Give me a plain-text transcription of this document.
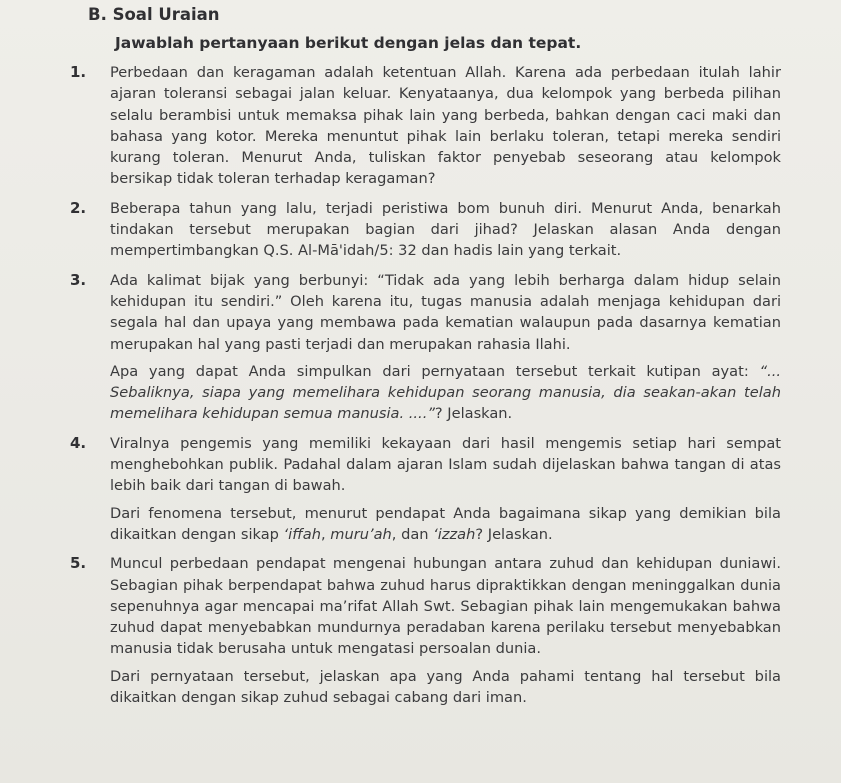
B. Soal Uraian
Jawablah pertanyaan berikut dengan jelas dan tepat.
1.	Perbedaan dan keragaman adalah ketentuan Allah. Karena ada perbedaan itulah lahir ajaran toleransi sebagai jalan keluar. Kenyataanya, dua kelompok yang berbeda pilihan selalu berambisi untuk memaksa pihak lain yang berbeda, bahkan dengan caci maki dan bahasa yang kotor. Mereka menuntut pihak lain berlaku toleran, tetapi mereka sendiri kurang toleran. Menurut Anda, tuliskan faktor penyebab seseorang atau kelompok bersikap tidak toleran terhadap keragaman?

2.	Beberapa tahun yang lalu, terjadi peristiwa bom bunuh diri. Menurut Anda, benarkah tindakan tersebut merupakan bagian dari jihad? Jelaskan alasan Anda dengan mempertimbangkan Q.S. Al-Mā'idah/5: 32 dan hadis lain yang terkait.

3.	Ada kalimat bijak yang berbunyi: “Tidak ada yang lebih berharga dalam hidup selain kehidupan itu sendiri.” Oleh karena itu, tugas manusia adalah menjaga kehidupan dari segala hal dan upaya yang membawa pada kematian walaupun pada dasarnya kematian merupakan hal yang pasti terjadi dan merupakan rahasia Ilahi.

Apa yang dapat Anda simpulkan dari pernyataan tersebut terkait kutipan ayat: “... Sebaliknya, siapa yang memelihara kehidupan seorang manusia, dia seakan-akan telah memelihara kehidupan semua manusia. ....”? Jelaskan.

4.	Viralnya pengemis yang memiliki kekayaan dari hasil mengemis setiap hari sempat menghebohkan publik. Padahal dalam ajaran Islam sudah dijelaskan bahwa tangan di atas lebih baik dari tangan di bawah.

Dari fenomena tersebut, menurut pendapat Anda bagaimana sikap yang demikian bila dikaitkan dengan sikap ‘iffah, muru’ah, dan ‘izzah? Jelaskan.

5.	Muncul perbedaan pendapat mengenai hubungan antara zuhud dan kehidupan duniawi. Sebagian pihak berpendapat bahwa zuhud harus dipraktikkan dengan meninggalkan dunia sepenuhnya agar mencapai ma’rifat Allah Swt. Sebagian pihak lain mengemukakan bahwa zuhud dapat menyebabkan mundurnya peradaban karena perilaku tersebut menyebabkan manusia tidak berusaha untuk mengatasi persoalan dunia.

Dari pernyataan tersebut, jelaskan apa yang Anda pahami tentang hal tersebut bila dikaitkan dengan sikap zuhud sebagai cabang dari iman.
